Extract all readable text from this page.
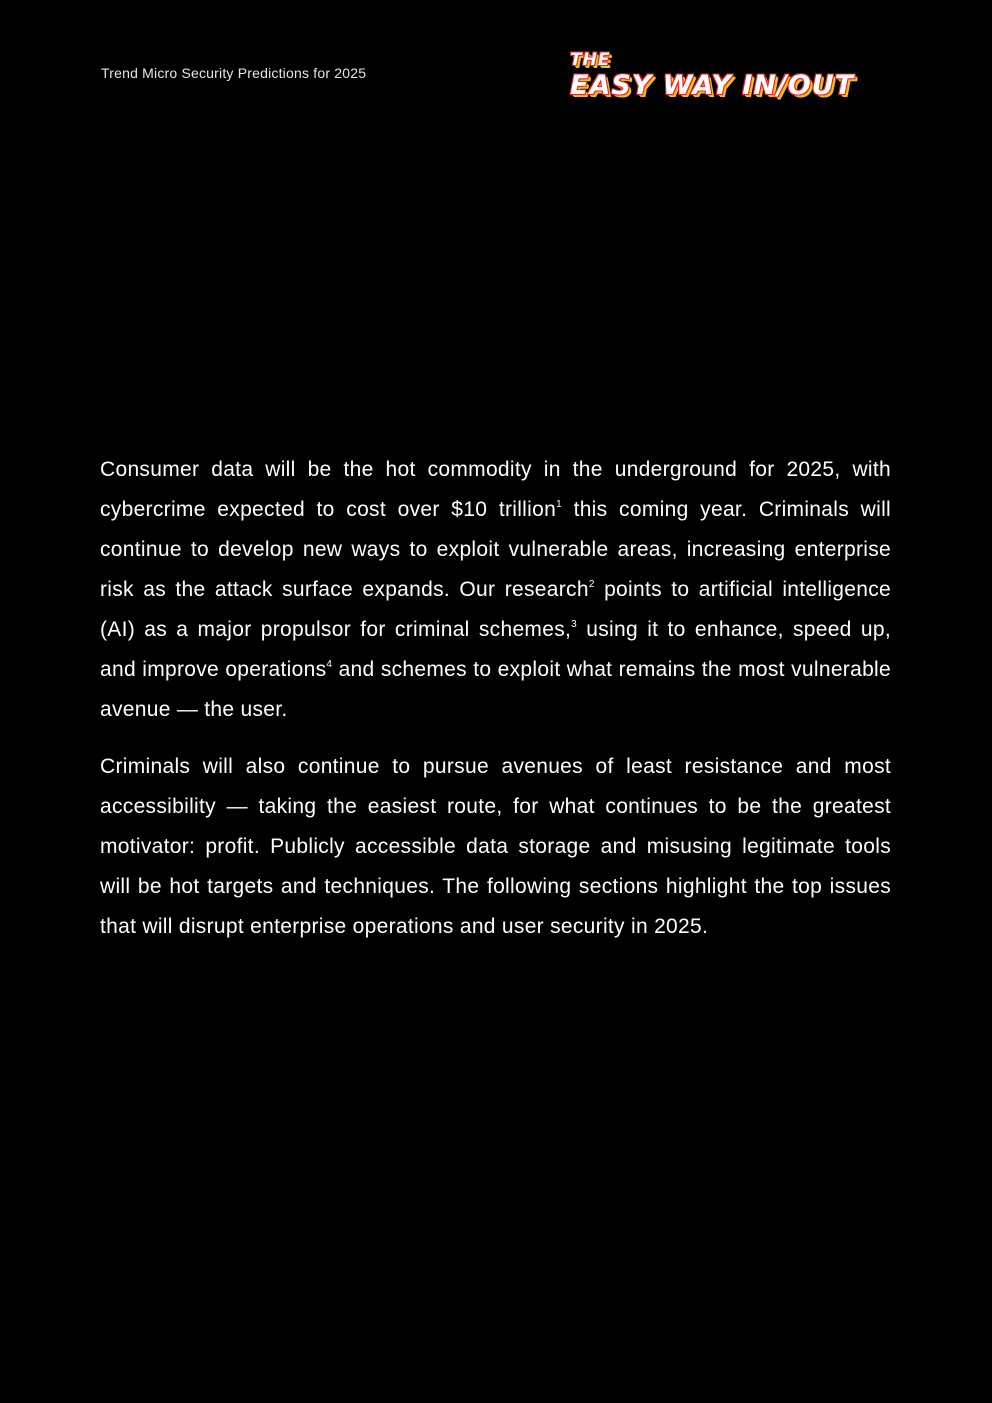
Trend Micro Security Predictions for 2025
THE
EASY WAY IN/OUT

Consumer data will be the hot commodity in the underground for 2025, with cybercrime expected to cost over $10 trillion$^1$ this coming year. Criminals will continue to develop new ways to exploit vulnerable areas, increasing enterprise risk as the attack surface expands. Our research$^2$ points to artificial intelligence (AI) as a major propulsor for criminal schemes,$^3$ using it to enhance, speed up, and improve operations$^4$ and schemes to exploit what remains the most vulnerable avenue — the user.

Criminals will also continue to pursue avenues of least resistance and most accessibility — taking the easiest route, for what continues to be the greatest motivator: profit. Publicly accessible data storage and misusing legitimate tools will be hot targets and techniques. The following sections highlight the top issues that will disrupt enterprise operations and user security in 2025.
